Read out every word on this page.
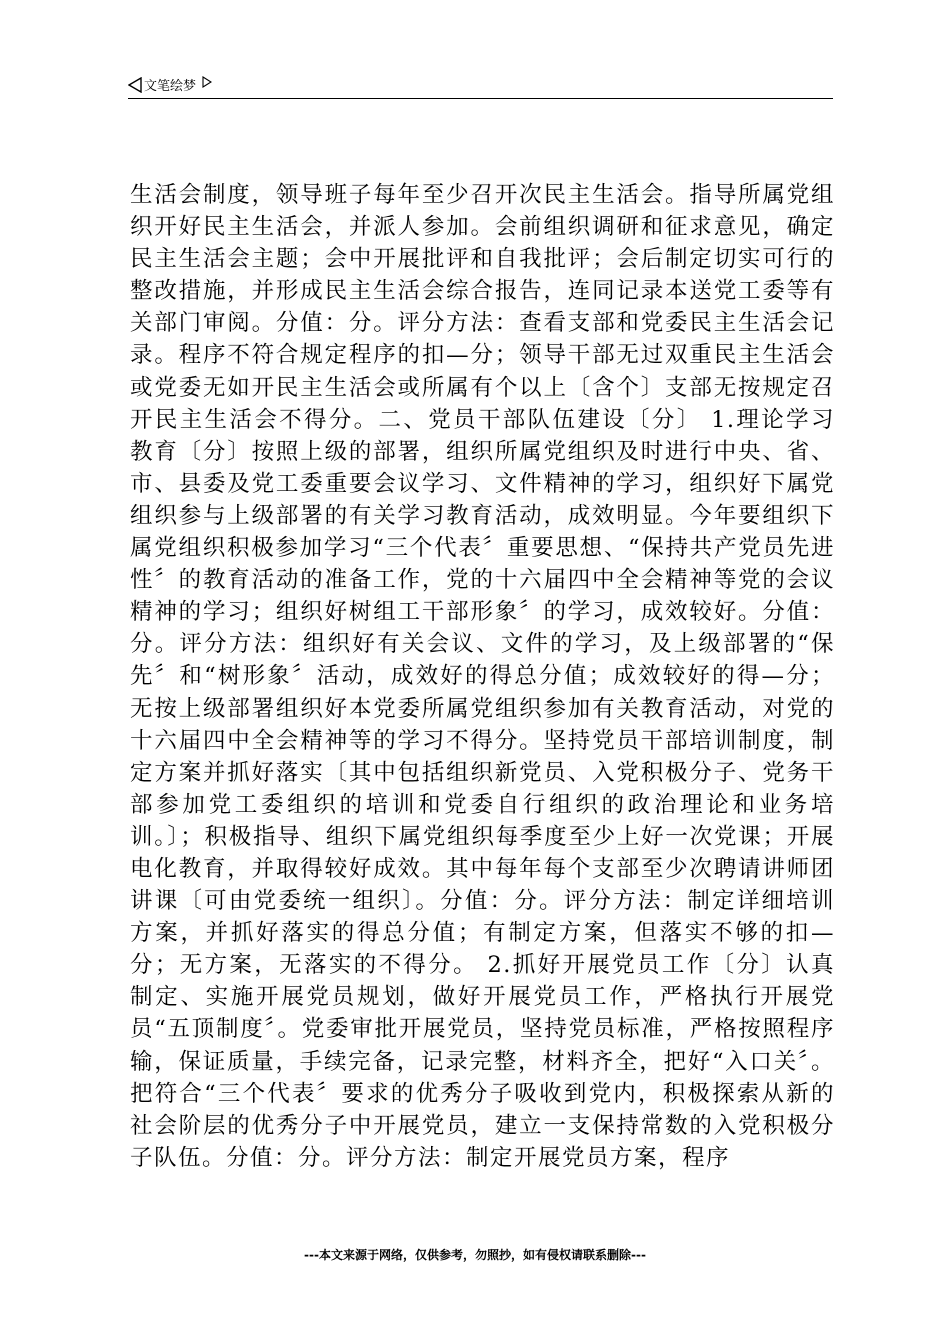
文笔绘梦

生活会制度，领导班子每年至少召开次民主生活会。指导所属党组织开好民主生活会，并派人参加。会前组织调研和征求意见，确定民主生活会主题；会中开展批评和自我批评；会后制定切实可行的整改措施，并形成民主生活会综合报告，连同记录本送党工委等有关部门审阅。分值：分。评分方法：查看支部和党委民主生活会记录。程序不符合规定程序的扣—分；领导干部无过双重民主生活会或党委无如开民主生活会或所属有个以上〔含个〕支部无按规定召开民主生活会不得分。二、党员干部队伍建设〔分〕 1.理论学习教育〔分〕按照上级的部署，组织所属党组织及时进行中央、省、市、县委及党工委重要会议学习、文件精神的学习，组织好下属党组织参与上级部署的有关学习教育活动，成效明显。今年要组织下属党组织积极参加学习“三个代表〞重要思想、“保持共产党员先进性〞的教育活动的准备工作，党的十六届四中全会精神等党的会议精神的学习；组织好树组工干部形象〞的学习，成效较好。分值：分。评分方法：组织好有关会议、文件的学习，及上级部署的“保先〞和“树形象〞活动，成效好的得总分值；成效较好的得—分；无按上级部署组织好本党委所属党组织参加有关教育活动，对党的十六届四中全会精神等的学习不得分。坚持党员干部培训制度，制定方案并抓好落实〔其中包括组织新党员、入党积极分子、党务干部参加党工委组织的培训和党委自行组织的政治理论和业务培训。〕；积极指导、组织下属党组织每季度至少上好一次党课；开展电化教育，并取得较好成效。其中每年每个支部至少次聘请讲师团讲课〔可由党委统一组织〕。分值：分。评分方法：制定详细培训方案，并抓好落实的得总分值；有制定方案，但落实不够的扣—分；无方案，无落实的不得分。 2.抓好开展党员工作〔分〕认真制定、实施开展党员规划，做好开展党员工作，严格执行开展党员“五顶制度〞。党委审批开展党员，坚持党员标准，严格按照程序输，保证质量，手续完备，记录完整，材料齐全，把好“入口关〞。把符合“三个代表〞要求的优秀分子吸收到党内，积极探索从新的社会阶层的优秀分子中开展党员，建立一支保持常数的入党积极分子队伍。分值：分。评分方法：制定开展党员方案，程序

---本文来源于网络，仅供参考，勿照抄，如有侵权请联系删除---
